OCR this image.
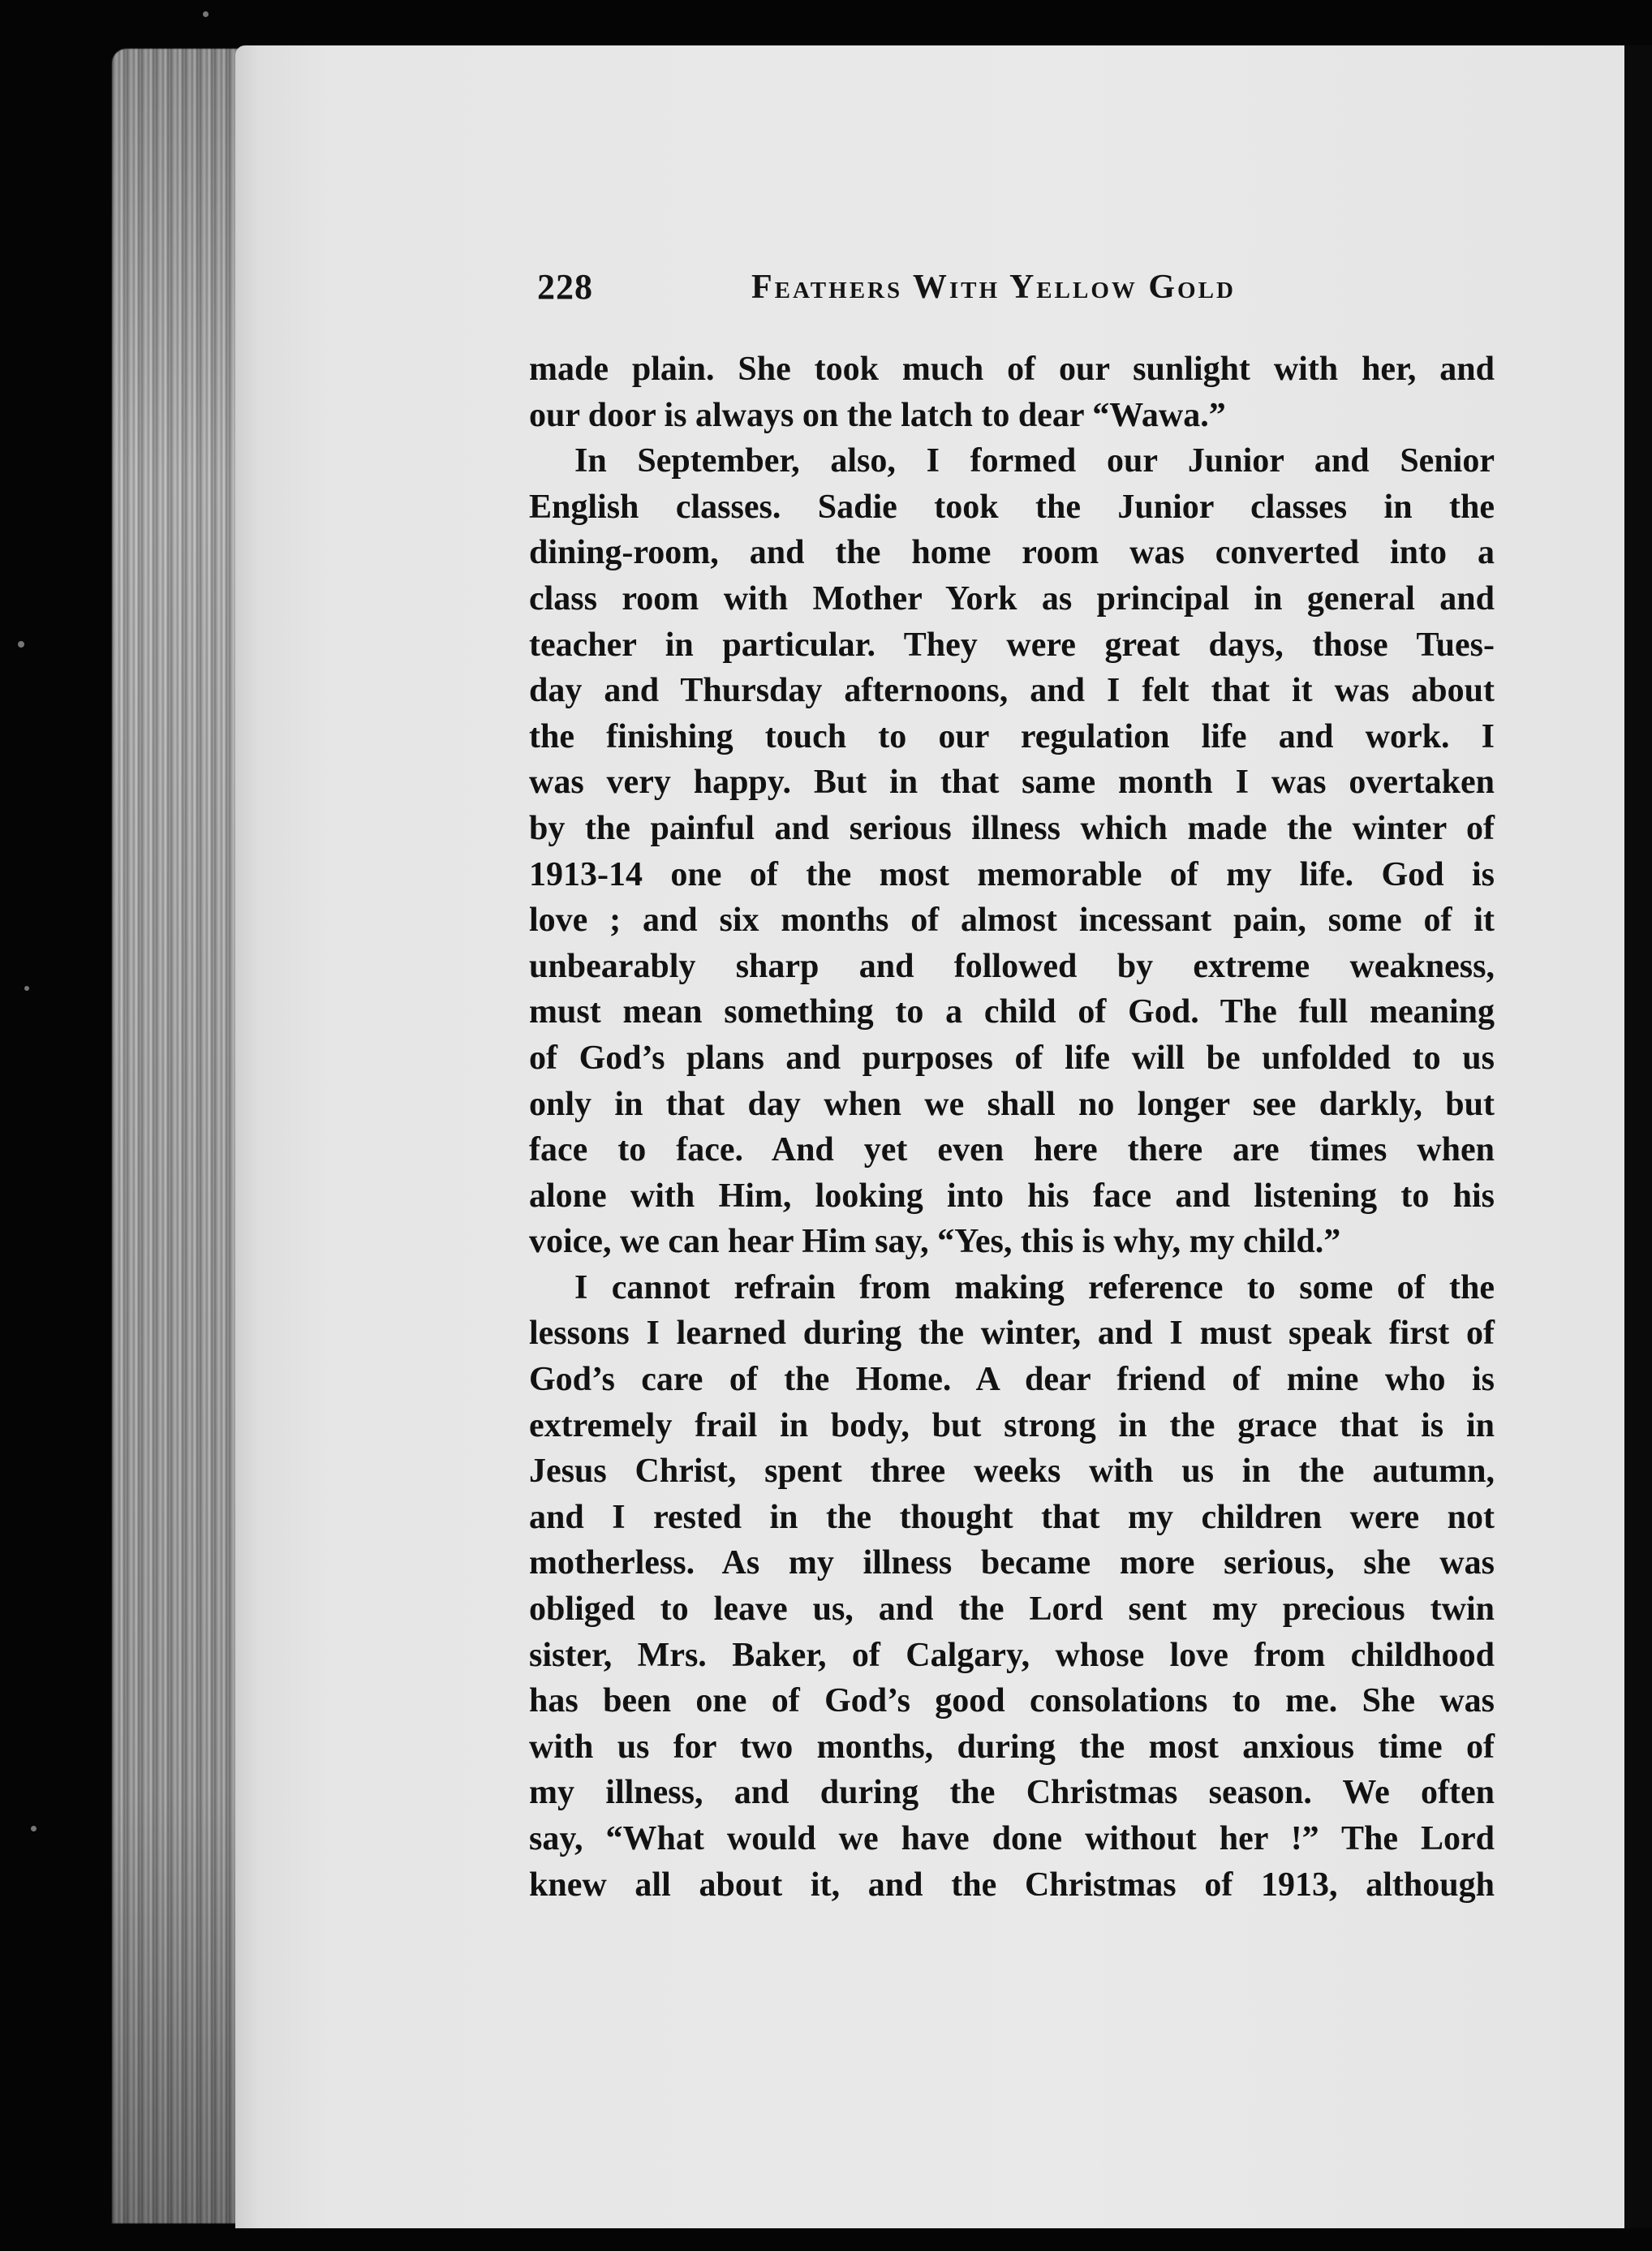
228	Feathers With Yellow Gold
made plain. She took much of our sunlight with her, and
our door is always on the latch to dear “Wawa.”
In September, also, I formed our Junior and Senior
English classes. Sadie took the Junior classes in the
dining-room, and the home room was converted into a
class room with Mother York as principal in general and
teacher in particular. They were great days, those Tues-
day and Thursday afternoons, and I felt that it was about
the finishing touch to our regulation life and work. I
was very happy. But in that same month I was overtaken
by the painful and serious illness which made the winter of
1913-14 one of the most memorable of my life. God is
love ; and six months of almost incessant pain, some of it
unbearably sharp and followed by extreme weakness,
must mean something to a child of God. The full meaning
of God’s plans and purposes of life will be unfolded to us
only in that day when we shall no longer see darkly, but
face to face. And yet even here there are times when
alone with Him, looking into his face and listening to his
voice, we can hear Him say, “Yes, this is why, my child.”
I cannot refrain from making reference to some of the
lessons I learned during the winter, and I must speak first of
God’s care of the Home. A dear friend of mine who is
extremely frail in body, but strong in the grace that is in
Jesus Christ, spent three weeks with us in the autumn,
and I rested in the thought that my children were not
motherless. As my illness became more serious, she was
obliged to leave us, and the Lord sent my precious twin
sister, Mrs. Baker, of Calgary, whose love from childhood
has been one of God’s good consolations to me. She was
with us for two months, during the most anxious time of
my illness, and during the Christmas season. We often
say, “What would we have done without her !” The Lord
knew all about it, and the Christmas of 1913, although
